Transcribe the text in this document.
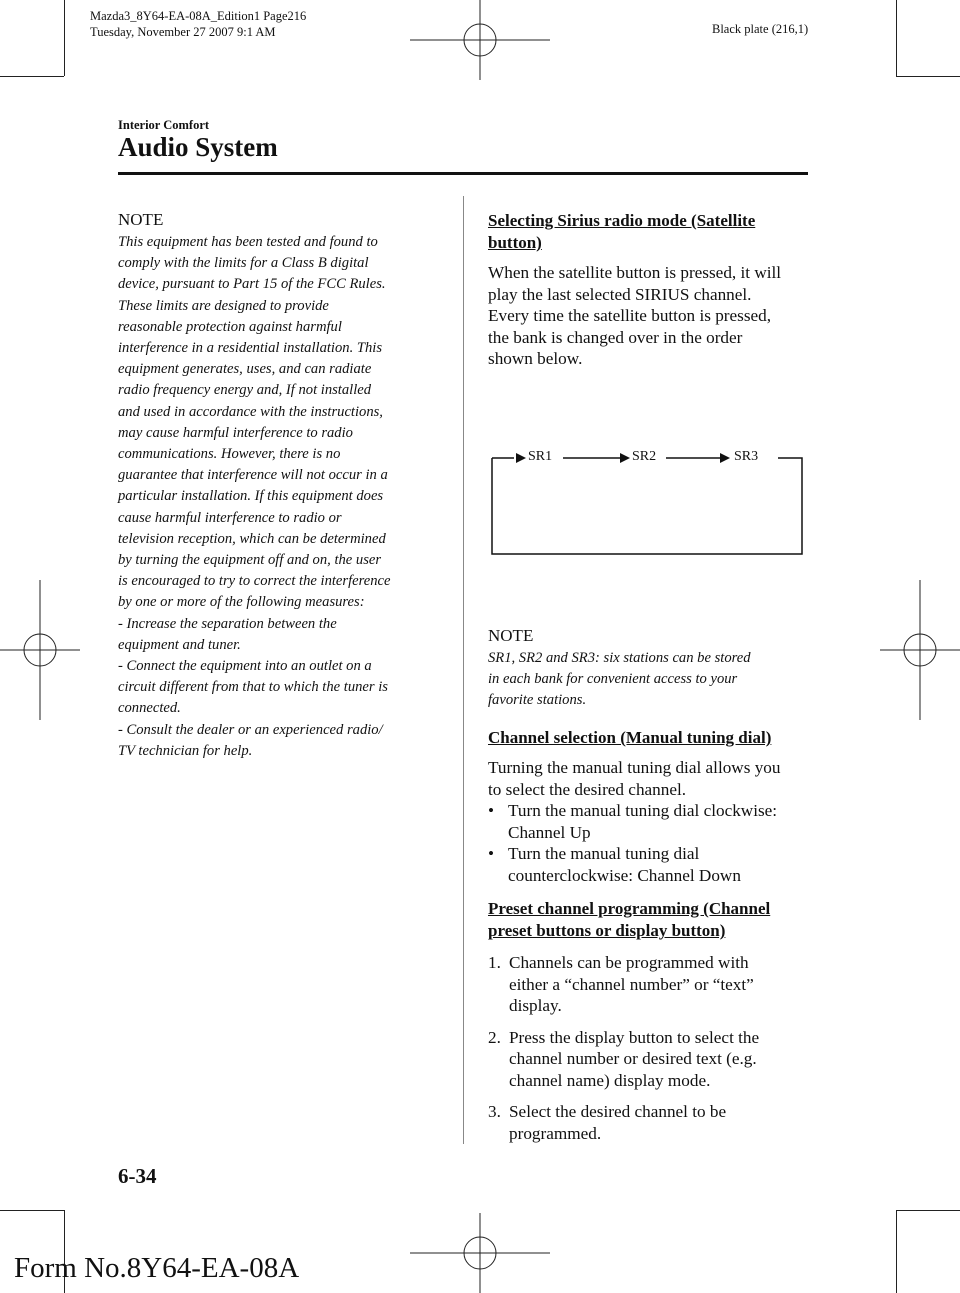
Mazda3_8Y64-EA-08A_Edition1 Page216
Tuesday, November 27 2007 9:1 AM	Black plate (216,1)
Interior Comfort
Audio System

NOTE

This equipment has been tested and found to

comply with the limits for a Class B digital

device, pursuant to Part 15 of the FCC Rules.

These limits are designed to provide

reasonable protection against harmful

interference in a residential installation. This

equipment generates, uses, and can radiate

radio frequency energy and, If not installed

and used in accordance with the instructions,

may cause harmful interference to radio

communications. However, there is no

guarantee that interference will not occur in a

particular installation. If this equipment does

cause harmful interference to radio or

television reception, which can be determined

by turning the equipment off and on, the user

is encouraged to try to correct the interference

by one or more of the following measures:

- Increase the separation between the

equipment and tuner.

- Connect the equipment into an outlet on a

circuit different from that to which the tuner is

connected.

- Consult the dealer or an experienced radio/

TV technician for help.

Selecting Sirius radio mode (Satellite

button)

When the satellite button is pressed, it will

play the last selected SIRIUS channel.

Every time the satellite button is pressed,

the bank is changed over in the order

shown below.

SR1	SR2	SR3

NOTE

SR1, SR2 and SR3: six stations can be stored

in each bank for convenient access to your

favorite stations.

Channel selection (Manual tuning dial)

Turning the manual tuning dial allows you

to select the desired channel.

• Turn the manual tuning dial clockwise:
Channel Up
• Turn the manual tuning dial
counterclockwise: Channel Down

Preset channel programming (Channel

preset buttons or display button)

1. Channels can be programmed with
either a “channel number” or “text”
display.
2. Press the display button to select the
channel number or desired text (e.g.
channel name) display mode.
3. Select the desired channel to be
programmed.
6-34
Form No.8Y64-EA-08A
